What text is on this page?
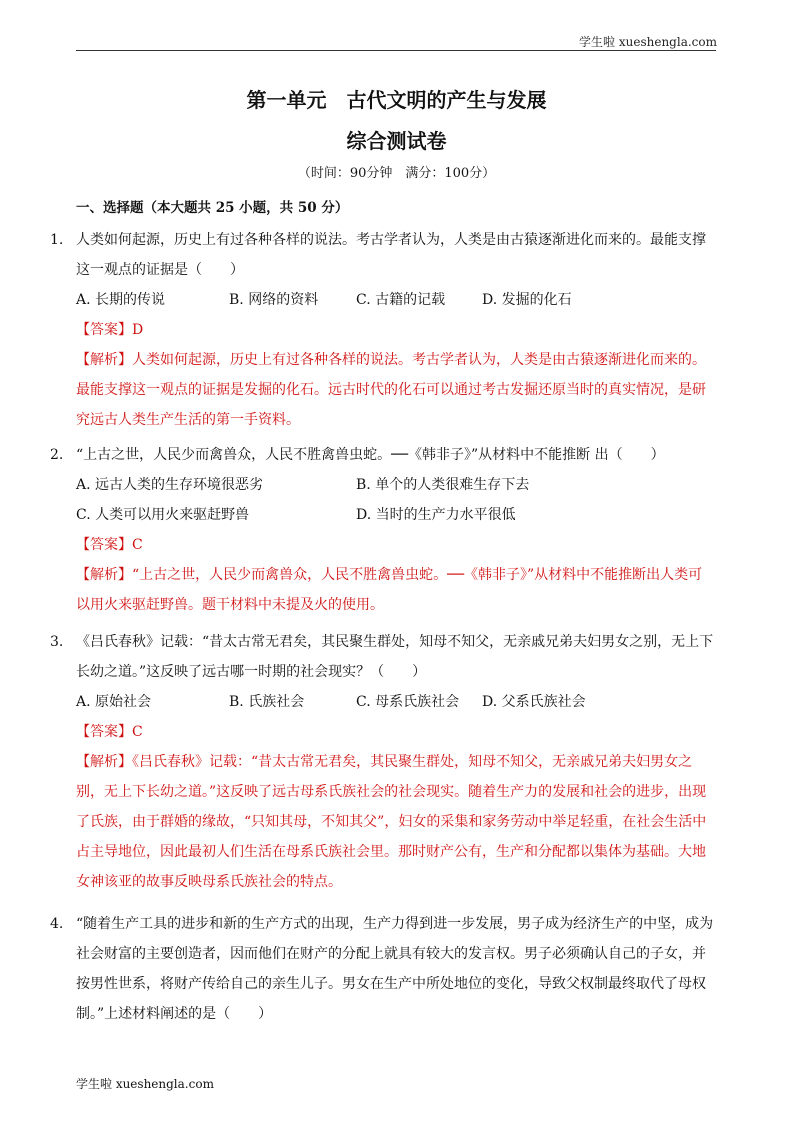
学生啦 xueshengla.com
第一单元　古代文明的产生与发展
综合测试卷
（时间：90分钟　满分：100分）
一、选择题（本大题共 25 小题，共 50 分）
1. 人类如何起源，历史上有过各种各样的说法。考古学者认为，人类是由古猿逐渐进化而来的。最能支撑这一观点的证据是（　　）

A. 长期的传说	B. 网络的资料	C. 古籍的记载	D. 发掘的化石

【答案】D

【解析】人类如何起源，历史上有过各种各样的说法。考古学者认为，人类是由古猿逐渐进化而来的。最能支撑这一观点的证据是发掘的化石。远古时代的化石可以通过考古发掘还原当时的真实情况，是研究远古人类生产生活的第一手资料。

2. “上古之世，人民少而禽兽众，人民不胜禽兽虫蛇。──《韩非子》”从材料中不能推断 出（　　）

A. 远古人类的生存环境很恶劣	B. 单个的人类很难生存下去
C. 人类可以用火来驱赶野兽	D. 当时的生产力水平很低

【答案】C

【解析】“上古之世，人民少而禽兽众，人民不胜禽兽虫蛇。──《韩非子》”从材料中不能推断出人类可以用火来驱赶野兽。题干材料中未提及火的使用。

3. 《吕氏春秋》记载：“昔太古常无君矣，其民聚生群处，知母不知父，无亲戚兄弟夫妇男女之别，无上下长幼之道。”这反映了远古哪一时期的社会现实？（　　）

A. 原始社会	B. 氏族社会	C. 母系氏族社会 D. 父系氏族社会

【答案】C

【解析】《吕氏春秋》记载：“昔太古常无君矣，其民聚生群处，知母不知父，无亲戚兄弟夫妇男女之别，无上下长幼之道。”这反映了远古母系氏族社会的社会现实。随着生产力的发展和社会的进步，出现了氏族，由于群婚的缘故，“只知其母，不知其父”，妇女的采集和家务劳动中举足轻重，在社会生活中占主导地位，因此最初人们生活在母系氏族社会里。那时财产公有，生产和分配都以集体为基础。大地女神该亚的故事反映母系氏族社会的特点。

4. “随着生产工具的进步和新的生产方式的出现，生产力得到进一步发展，男子成为经济生产的中坚，成为社会财富的主要创造者，因而他们在财产的分配上就具有较大的发言权。男子必须确认自己的子女，并按男性世系，将财产传给自己的亲生儿子。男女在生产中所处地位的变化，导致父权制最终取代了母权制。”上述材料阐述的是（　　）

学生啦 xueshengla.com
